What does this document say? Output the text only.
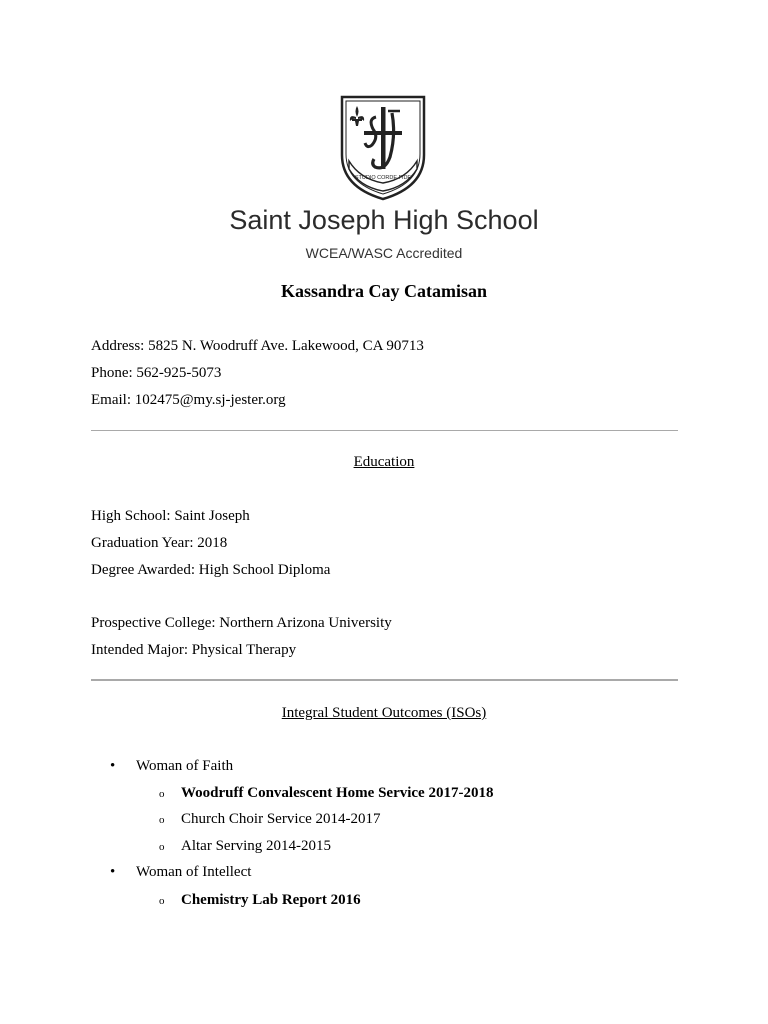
STUDIO CORDE FIDE
Saint Joseph High School
WCEA/WASC Accredited
Kassandra Cay Catamisan
Address: 5825 N. Woodruff Ave. Lakewood, CA 90713
Phone: 562-925-5073
Email: 102475@my.sj-jester.org
Education
High School: Saint Joseph
Graduation Year: 2018
Degree Awarded: High School Diploma
Prospective College: Northern Arizona University
Intended Major: Physical Therapy
Integral Student Outcomes (ISOs)
• Woman of Faith
o Woodruff Convalescent Home Service 2017-2018
o Church Choir Service 2014-2017
o Altar Serving 2014-2015
• Woman of Intellect
o Chemistry Lab Report 2016
